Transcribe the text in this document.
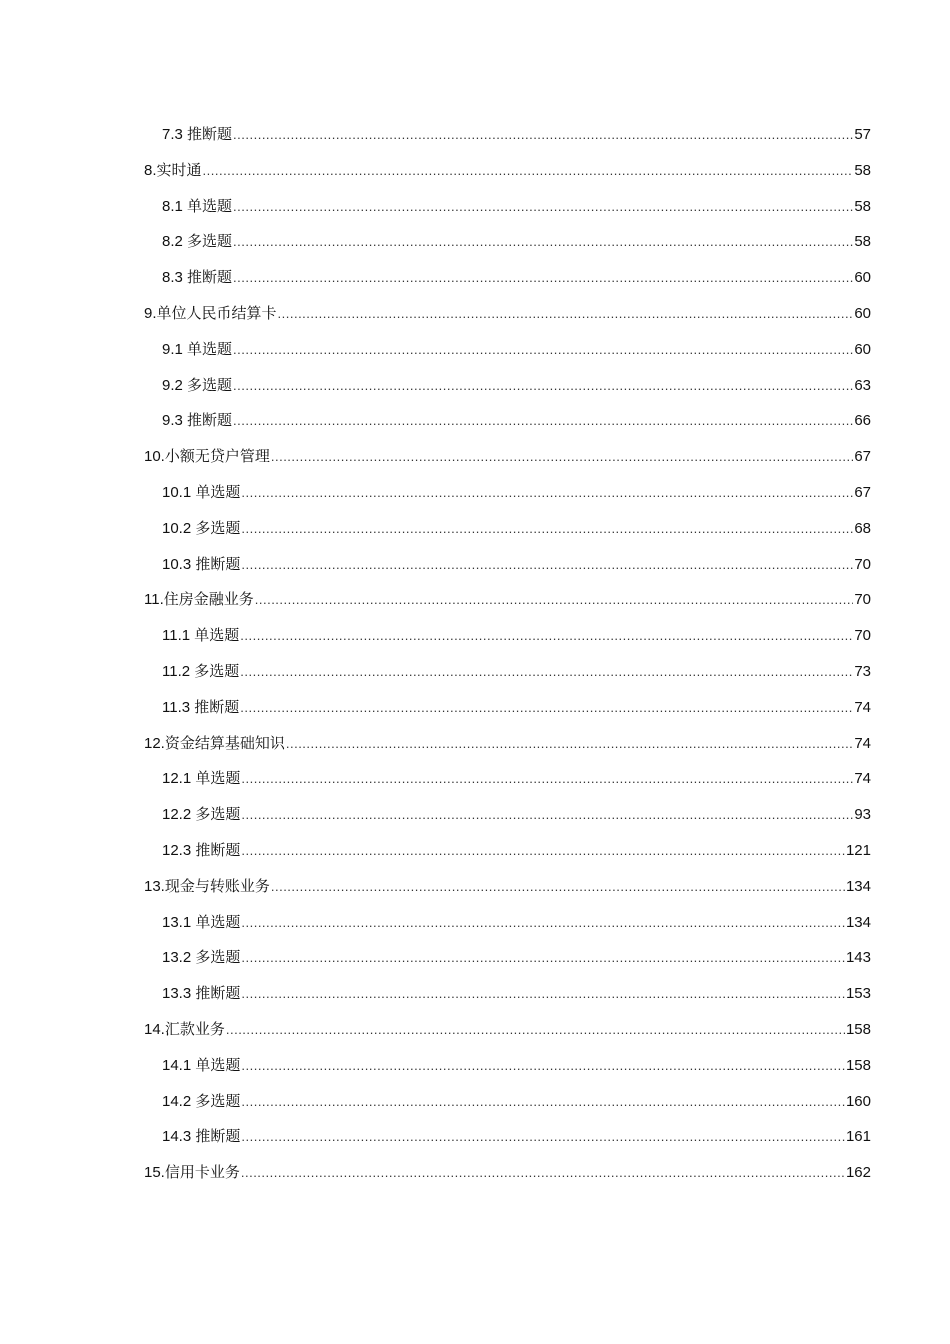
7.3 推断题 .....	57
8.实时通 .....	58
8.1 单选题 .....	58
8.2 多选题 .....	58
8.3 推断题 .....	60
9.单位人民币结算卡 .....	60
9.1 单选题 .....	60
9.2 多选题 .....	63
9.3 推断题 .....	66
10.小额无贷户管理 .....	67
10.1 单选题 .....	67
10.2 多选题 .....	68
10.3 推断题 .....	70
11.住房金融业务 .....	70
11.1 单选题 .....	70
11.2 多选题 .....	73
11.3 推断题 .....	74
12.资金结算基础知识 .....	74
12.1 单选题 .....	74
12.2 多选题 .....	93
12.3 推断题 .....	121
13.现金与转账业务 .....	134
13.1 单选题 .....	134
13.2 多选题 .....	143
13.3 推断题 .....	153
14.汇款业务 .....	158
14.1 单选题 .....	158
14.2 多选题 .....	160
14.3 推断题 .....	161
15.信用卡业务 .....	162
